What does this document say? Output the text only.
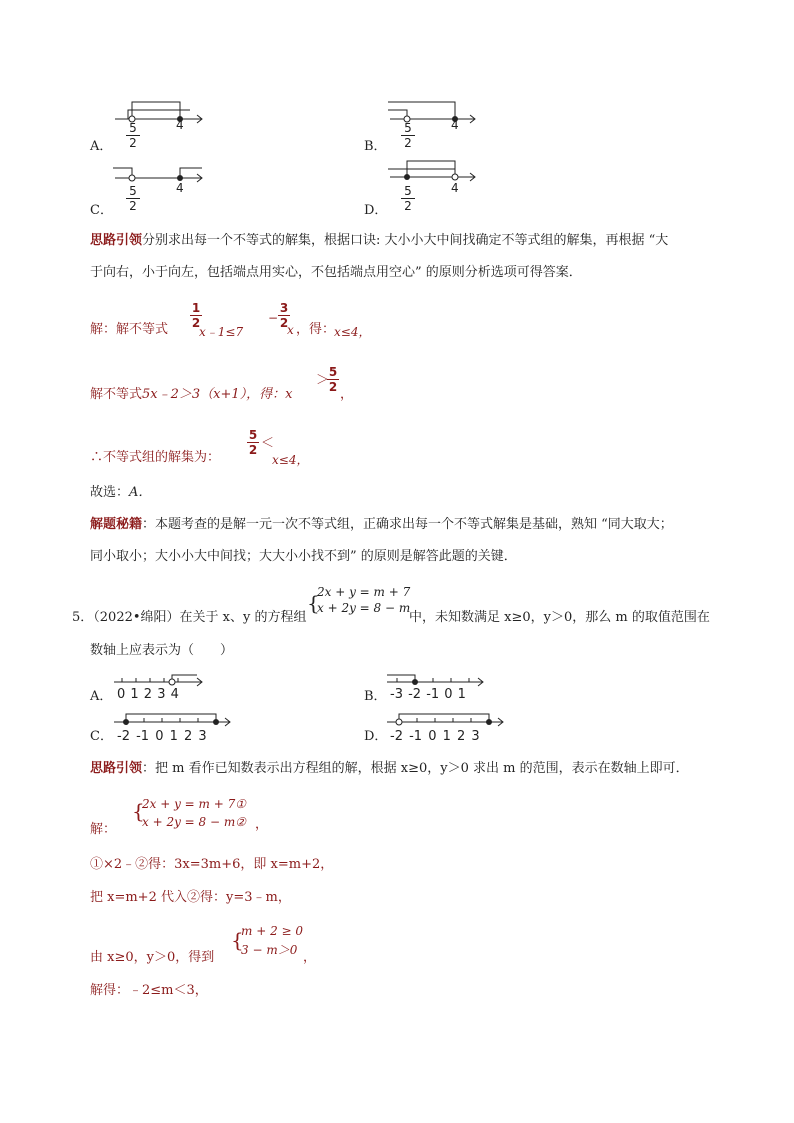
A．
5
2
4
B．
5
2
4
C．
5
2
4
D．
5
2
4
思路引领分别求出每一个不等式的解集，根据口诀: 大小小大中间找确定不等式组的解集，再根据 “大
于向右，小于向左，包括端点用实心，不包括端点用空心” 的原则分析选项可得答案．
解：解不等式
1
2
x﹣1≤7
−
3
2
x ，得：
x≤4，
解不等式5x﹣2＞3（x+1），得：x
＞
5
2 ，
∴不等式组的解集为：
5
2 ＜
x≤4，
故选：A．
解题秘籍：本题考查的是解一元一次不等式组，正确求出每一个不等式解集是基础，熟知 “同大取大；
同小取小；大小小大中间找；大大小小找不到” 的原则是解答此题的关键．
5．（2022•绵阳）在关于 x、y 的方程组
{
2x + y = m + 7
x + 2y = 8 − m
中，未知数满足 x≥0，y＞0，那么 m 的取值范围在
数轴上应表示为（　　）
A． 0 1 2 3 4	B． -3 -2 -1 0 1
C． -2 -1 0 1 2 3	D． -2 -1 0 1 2 3
思路引领：把 m 看作已知数表示出方程组的解，根据 x≥0，y＞0 求出 m 的范围，表示在数轴上即可．
解：
{
2x + y = m + 7①
x + 2y = 8 − m② ，
①×2﹣②得：3x=3m+6，即 x=m+2，
把 x=m+2 代入②得：y=3﹣m，
由 x≥0，y＞0，得到
{
m + 2 ≥ 0
3 − m＞0 ，
解得：﹣2≤m＜3，
